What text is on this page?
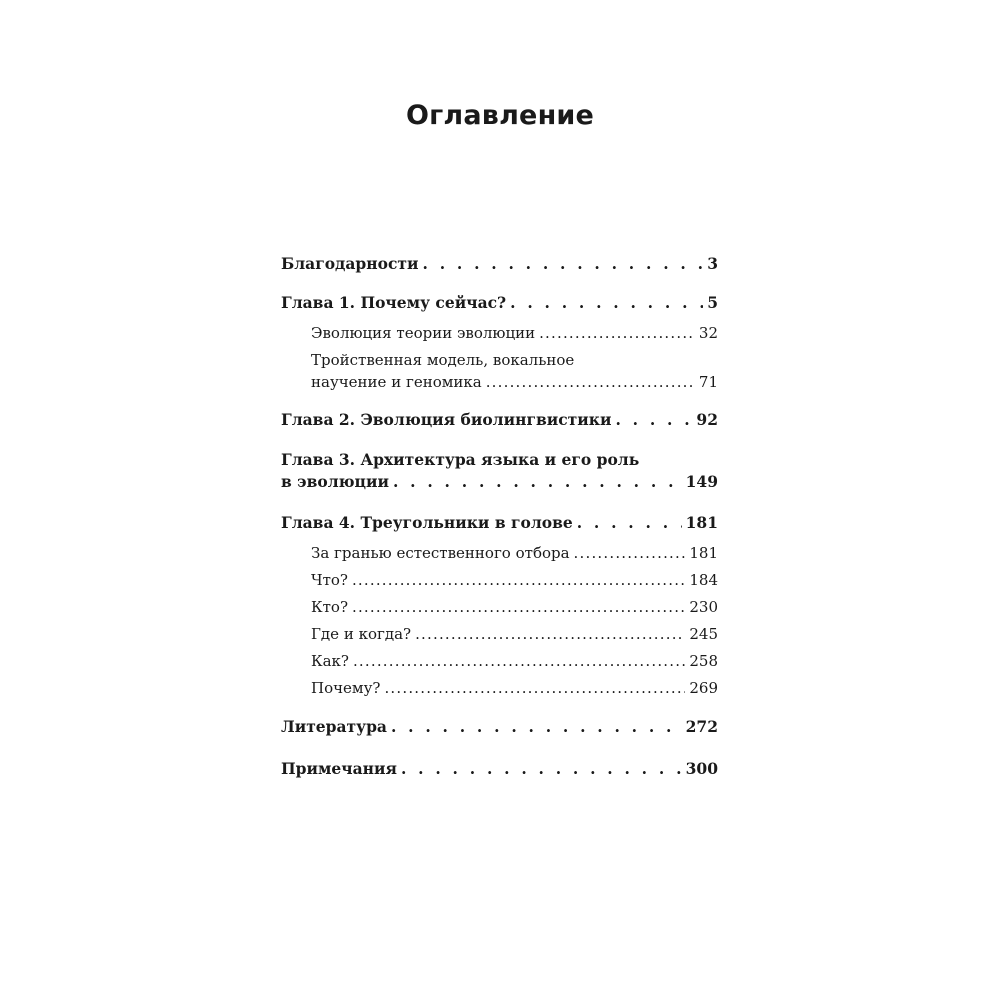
Оглавление
Благодарности . . .	3
Глава 1. Почему сейчас? . . .	5
Эволюция теории эволюции .....	32
Тройственная модель, вокальное
научение и геномика .....	71
Глава 2. Эволюция биолингвистики . . .	92
Глава 3. Архитектура языка и его роль
в эволюции . . .	149
Глава 4. Треугольники в голове . . .	181
За гранью естественного отбора .....	181
Что? .....	184
Кто? .....	230
Где и когда? .....	245
Как? .....	258
Почему? .....	269
Литература . . .	272
Примечания . . .	300
